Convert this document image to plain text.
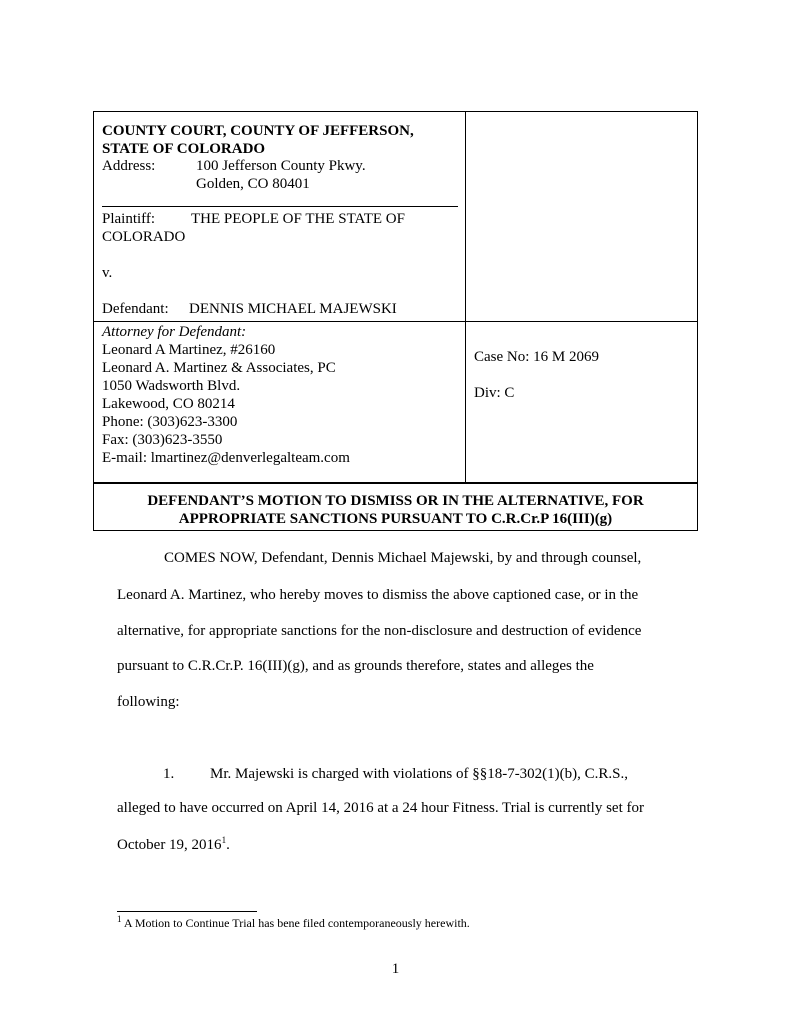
COUNTY COURT, COUNTY OF JEFFERSON,
STATE OF COLORADO
Address:	100 Jefferson County Pkwy.
Golden, CO 80401
Plaintiff: THE PEOPLE OF THE STATE OF
COLORADO
v.
Defendant: DENNIS MICHAEL MAJEWSKI
Attorney for Defendant:
Leonard A Martinez, #26160
Leonard A. Martinez & Associates, PC
1050 Wadsworth Blvd.
Lakewood, CO 80214
Phone: (303)623-3300
Fax: (303)623-3550
E-mail: lmartinez@denverlegalteam.com
Case No: 16 M 2069
Div: C
DEFENDANT’S MOTION TO DISMISS OR IN THE ALTERNATIVE, FOR
APPROPRIATE SANCTIONS PURSUANT TO C.R.Cr.P 16(III)(g)
COMES NOW, Defendant, Dennis Michael Majewski, by and through counsel,
Leonard A. Martinez, who hereby moves to dismiss the above captioned case, or in the
alternative, for appropriate sanctions for the non-disclosure and destruction of evidence
pursuant to C.R.Cr.P. 16(III)(g), and as grounds therefore, states and alleges the
following:
1. Mr. Majewski is charged with violations of §§18-7-302(1)(b), C.R.S.,
alleged to have occurred on April 14, 2016 at a 24 hour Fitness. Trial is currently set for
October 19, 2016$^1$.
$^1$ A Motion to Continue Trial has bene filed contemporaneously herewith.
1
